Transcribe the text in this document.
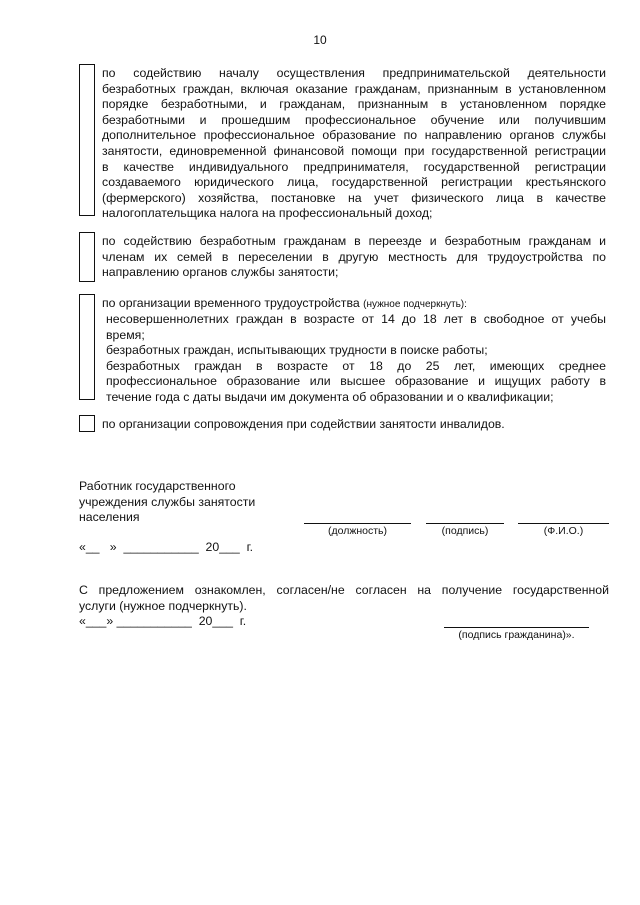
10
по содействию началу осуществления предпринимательской деятельности
безработных граждан, включая оказание гражданам, признанным в установленном
порядке безработными, и гражданам, признанным в установленном порядке
безработными и прошедшим профессиональное обучение или получившим
дополнительное профессиональное образование по направлению органов службы
занятости, единовременной финансовой помощи при государственной регистрации
в качестве индивидуального предпринимателя, государственной регистрации
создаваемого юридического лица, государственной регистрации крестьянского
(фермерского) хозяйства, постановке на учет физического лица в качестве
налогоплательщика налога на профессиональный доход;
по содействию безработным гражданам в переезде и безработным гражданам и
членам их семей в переселении в другую местность для трудоустройства по
направлению органов службы занятости;
по организации временного трудоустройства (нужное подчеркнуть):
несовершеннолетних граждан в возрасте от 14 до 18 лет в свободное от учебы
время;
безработных граждан, испытывающих трудности в поиске работы;
безработных граждан в возрасте от 18 до 25 лет, имеющих среднее
профессиональное образование или высшее образование и ищущих работу в
течение года с даты выдачи им документа об образовании и о квалификации;
по организации сопровождения при содействии занятости инвалидов.
Работник государственного
учреждения службы занятости
населения
(должность)	(подпись)	(Ф.И.О.)
«__ » ___________ 20___ г.
С предложением ознакомлен, согласен/не согласен на получение государственной
услуги (нужное подчеркнуть).
«___» ___________ 20___ г.
(подпись гражданина)».
